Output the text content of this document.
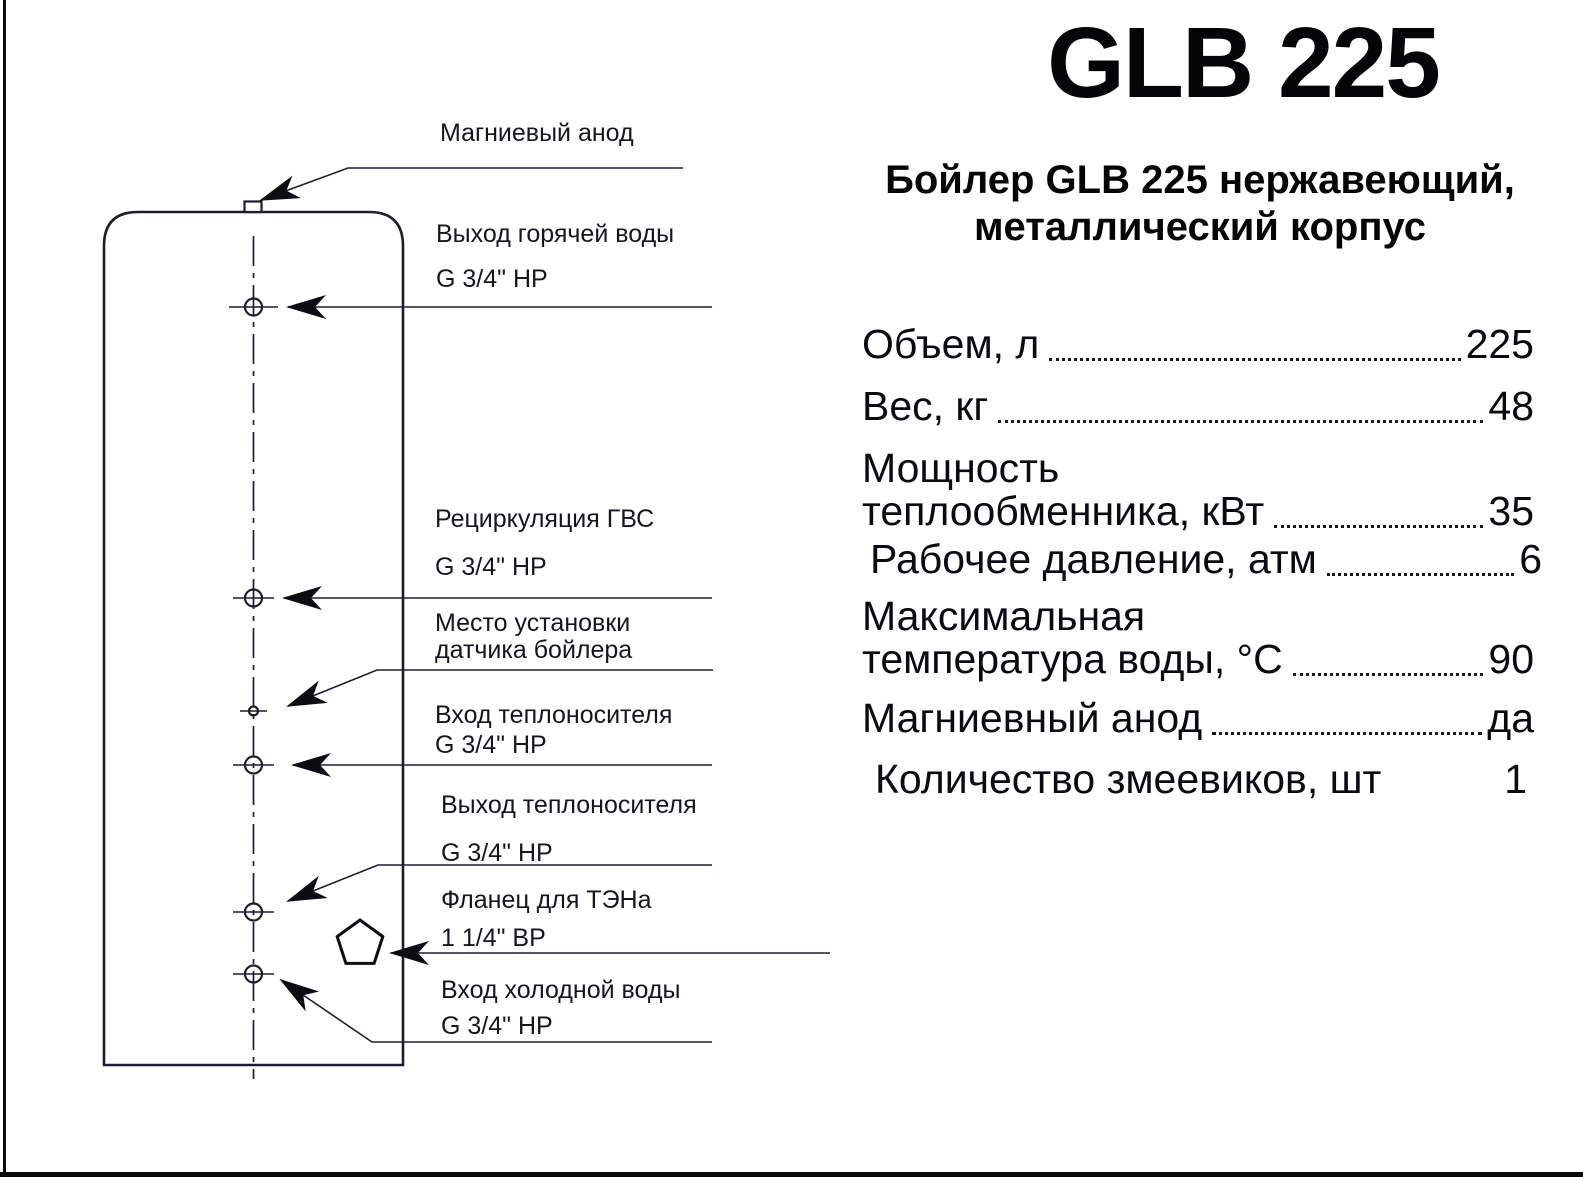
Магниевый анод
Выход горячей воды
G 3/4" НР
Рециркуляция ГВС
G 3/4" НР
Место установки
датчика бойлера
Вход теплоносителя
G 3/4" НР
Выход теплоносителя
G 3/4" НР
Фланец для ТЭНа
1 1/4" ВР
Вход холодной воды
G 3/4" НР
GLB 225
Бойлер GLB 225 нержавеющий,
металлический корпус
Объем, л	225
Вес, кг	48
Мощность
теплообменника, кВт	35
Рабочее давление, атм	6
Максимальная
температура воды, °С	90
Магниевный анод	да
Количество змеевиков, шт	1
